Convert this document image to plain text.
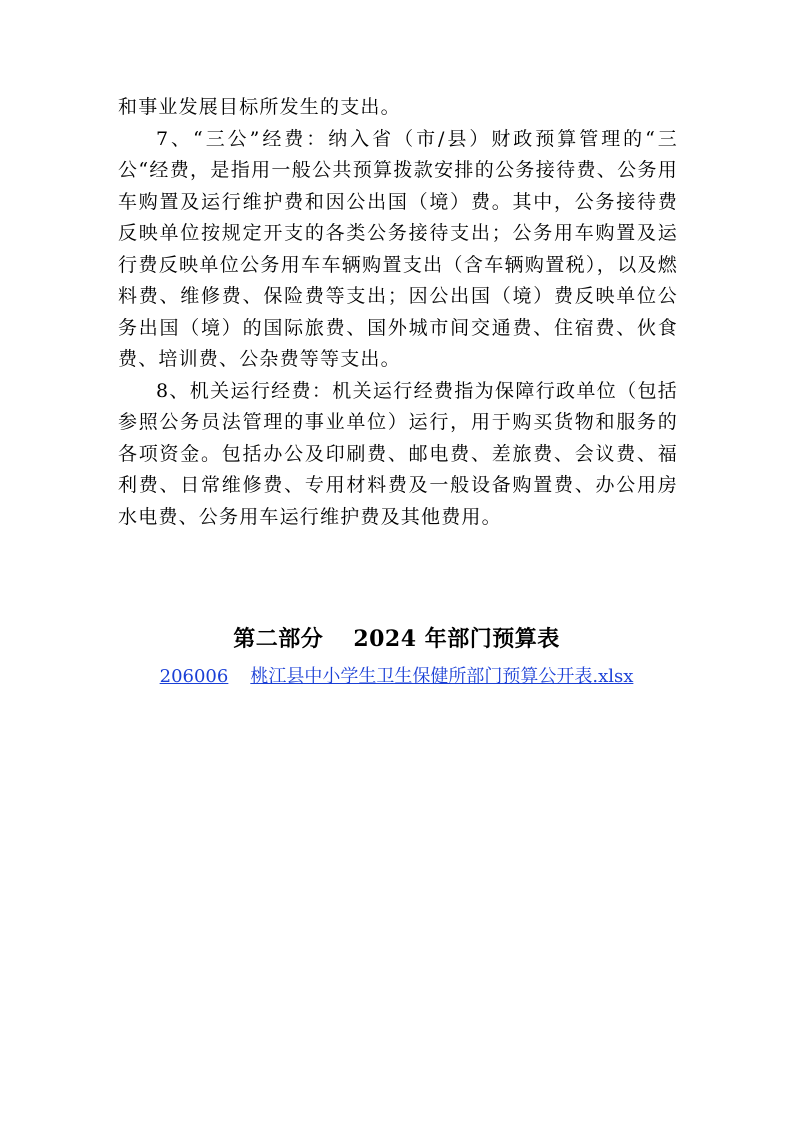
和事业发展目标所发生的支出。

7、“三公”经费：纳入省（市/县）财政预算管理的“三公“经费，是指用一般公共预算拨款安排的公务接待费、公务用车购置及运行维护费和因公出国（境）费。其中，公务接待费反映单位按规定开支的各类公务接待支出；公务用车购置及运行费反映单位公务用车车辆购置支出（含车辆购置税），以及燃料费、维修费、保险费等支出；因公出国（境）费反映单位公务出国（境）的国际旅费、国外城市间交通费、住宿费、伙食费、培训费、公杂费等等支出。

8、机关运行经费：机关运行经费指为保障行政单位（包括参照公务员法管理的事业单位）运行，用于购买货物和服务的各项资金。包括办公及印刷费、邮电费、差旅费、会议费、福利费、日常维修费、专用材料费及一般设备购置费、办公用房水电费、公务用车运行维护费及其他费用。

第二部分 2024 年部门预算表

206006 桃江县中小学生卫生保健所部门预算公开表.xlsx
